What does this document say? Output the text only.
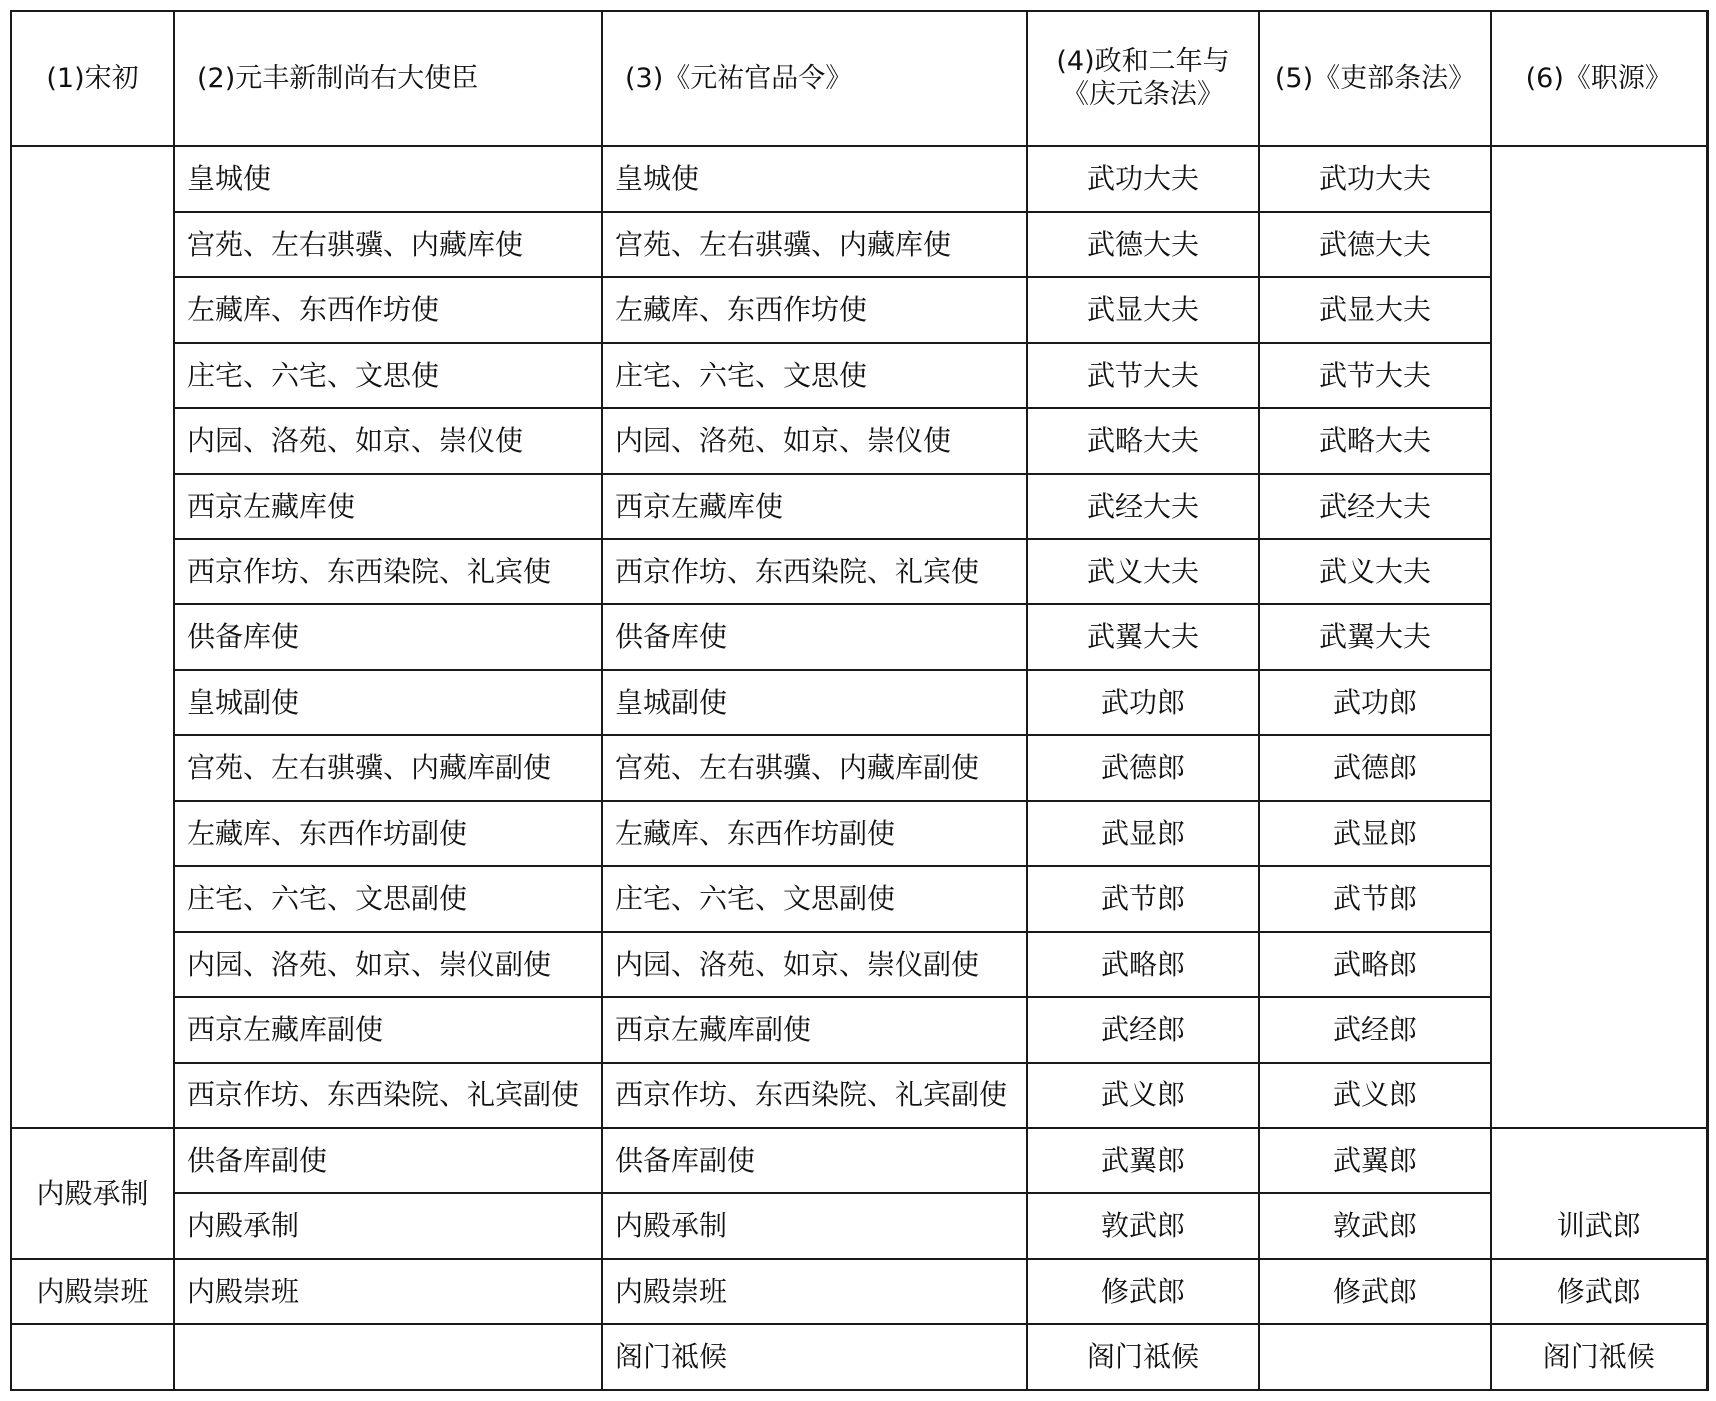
(1)宋初	(2)元丰新制尚右大使臣	(3)《元祐官品令》	(4)政和二年与《庆元条法》	(5)《吏部条法》	(6)《职源》
	皇城使	皇城使	武功大夫	武功大夫	
	宫苑、左右骐骥、内藏库使	宫苑、左右骐骥、内藏库使	武德大夫	武德大夫	
	左藏库、东西作坊使	左藏库、东西作坊使	武显大夫	武显大夫	
	庄宅、六宅、文思使	庄宅、六宅、文思使	武节大夫	武节大夫	
	内园、洛苑、如京、崇仪使	内园、洛苑、如京、崇仪使	武略大夫	武略大夫	
	西京左藏库使	西京左藏库使	武经大夫	武经大夫	
	西京作坊、东西染院、礼宾使	西京作坊、东西染院、礼宾使	武义大夫	武义大夫	
	供备库使	供备库使	武翼大夫	武翼大夫	
	皇城副使	皇城副使	武功郎	武功郎	
	宫苑、左右骐骥、内藏库副使	宫苑、左右骐骥、内藏库副使	武德郎	武德郎	
	左藏库、东西作坊副使	左藏库、东西作坊副使	武显郎	武显郎	
	庄宅、六宅、文思副使	庄宅、六宅、文思副使	武节郎	武节郎	
	内园、洛苑、如京、崇仪副使	内园、洛苑、如京、崇仪副使	武略郎	武略郎	
	西京左藏库副使	西京左藏库副使	武经郎	武经郎	
	西京作坊、东西染院、礼宾副使	西京作坊、东西染院、礼宾副使	武义郎	武义郎	
内殿承制	供备库副使	供备库副使	武翼郎	武翼郎	
	内殿承制	内殿承制	敦武郎	敦武郎	训武郎
内殿崇班	内殿崇班	内殿崇班	修武郎	修武郎	修武郎
		阁门祗候	阁门祗候		阁门祗候
